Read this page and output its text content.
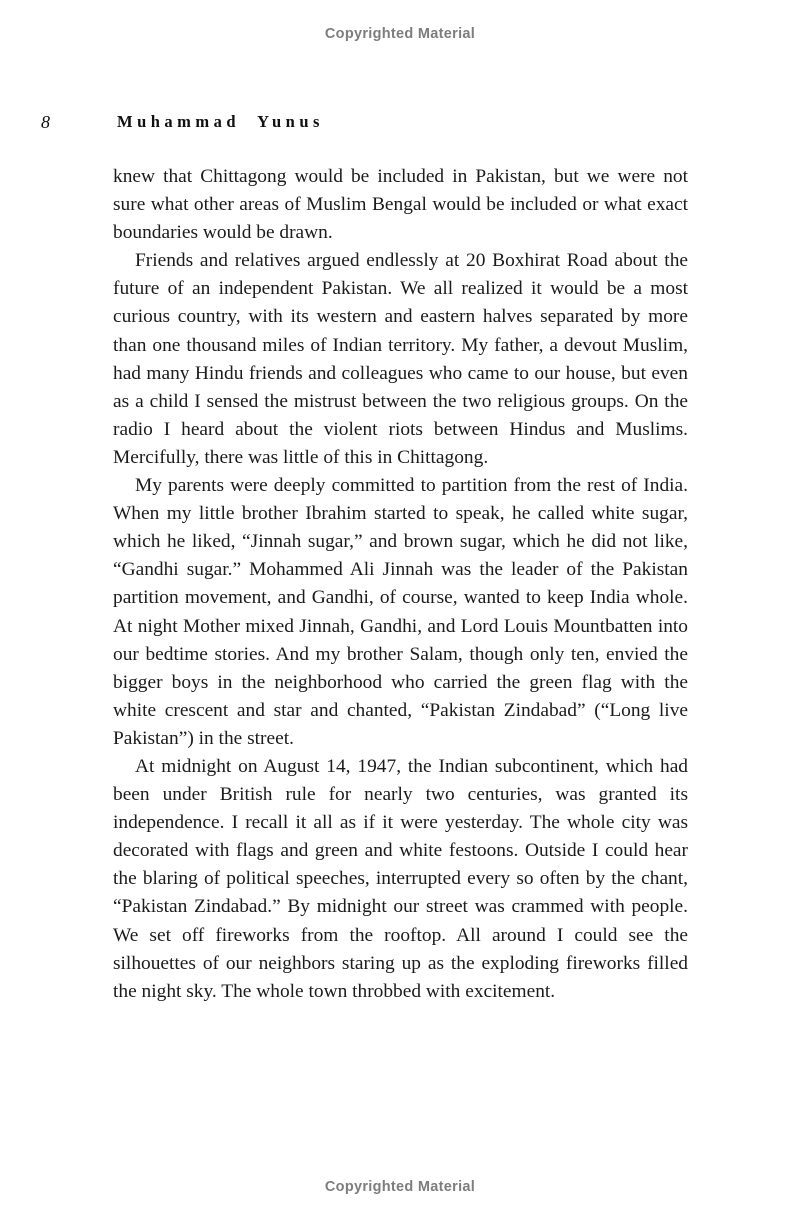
Copyrighted Material
8	Muhammad Yunus

knew that Chittagong would be included in Pakistan, but we were not sure what other areas of Muslim Bengal would be included or what exact boundaries would be drawn.

Friends and relatives argued endlessly at 20 Boxhirat Road about the future of an independent Pakistan. We all realized it would be a most curious country, with its western and eastern halves separated by more than one thousand miles of Indian territory. My father, a devout Muslim, had many Hindu friends and colleagues who came to our house, but even as a child I sensed the mistrust between the two religious groups. On the radio I heard about the violent riots between Hindus and Muslims. Mercifully, there was little of this in Chittagong.

My parents were deeply committed to partition from the rest of India. When my little brother Ibrahim started to speak, he called white sugar, which he liked, “Jinnah sugar,” and brown sugar, which he did not like, “Gandhi sugar.” Mohammed Ali Jinnah was the leader of the Pakistan partition movement, and Gandhi, of course, wanted to keep India whole. At night Mother mixed Jinnah, Gandhi, and Lord Louis Mountbatten into our bedtime stories. And my brother Salam, though only ten, envied the bigger boys in the neighborhood who carried the green flag with the white crescent and star and chanted, “Pakistan Zindabad” (“Long live Pakistan”) in the street.

At midnight on August 14, 1947, the Indian subcontinent, which had been under British rule for nearly two centuries, was granted its independence. I recall it all as if it were yesterday. The whole city was decorated with flags and green and white festoons. Outside I could hear the blaring of political speeches, interrupted every so often by the chant, “Pakistan Zindabad.” By midnight our street was crammed with people. We set off fireworks from the rooftop. All around I could see the silhouettes of our neighbors staring up as the exploding fireworks filled the night sky. The whole town throbbed with excitement.

Copyrighted Material
